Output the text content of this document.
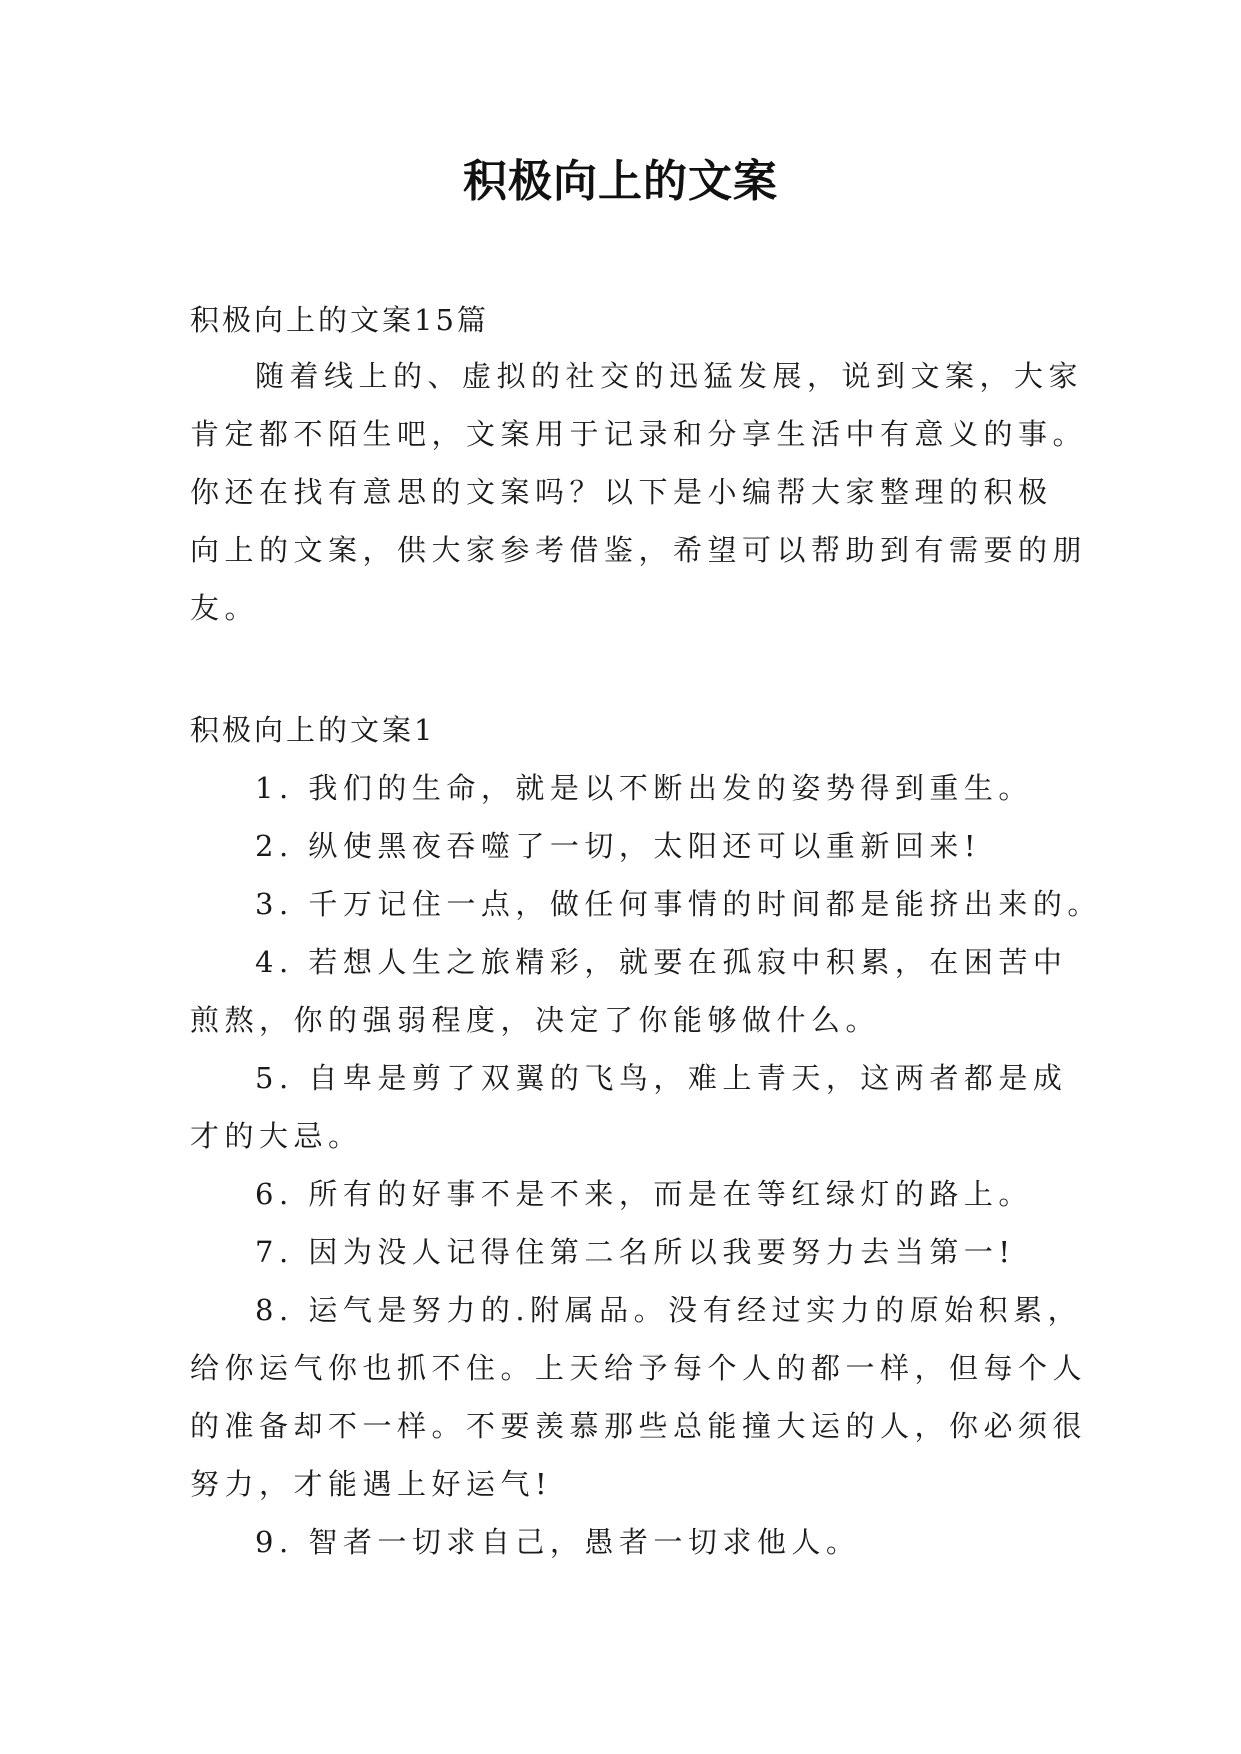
积极向上的文案
积极向上的文案15篇
随着线上的、虚拟的社交的迅猛发展，说到文案，大家
肯定都不陌生吧，文案用于记录和分享生活中有意义的事。
你还在找有意思的文案吗？以下是小编帮大家整理的积极
向上的文案，供大家参考借鉴，希望可以帮助到有需要的朋
友。
积极向上的文案1
1. 我们的生命，就是以不断出发的姿势得到重生。
2. 纵使黑夜吞噬了一切，太阳还可以重新回来!
3. 千万记住一点，做任何事情的时间都是能挤出来的。
4. 若想人生之旅精彩，就要在孤寂中积累，在困苦中
煎熬，你的强弱程度，决定了你能够做什么。
5. 自卑是剪了双翼的飞鸟，难上青天，这两者都是成
才的大忌。
6. 所有的好事不是不来，而是在等红绿灯的路上。
7. 因为没人记得住第二名所以我要努力去当第一!
8. 运气是努力的.附属品。没有经过实力的原始积累，
给你运气你也抓不住。上天给予每个人的都一样，但每个人
的准备却不一样。不要羡慕那些总能撞大运的人，你必须很
努力，才能遇上好运气!
9. 智者一切求自己，愚者一切求他人。
